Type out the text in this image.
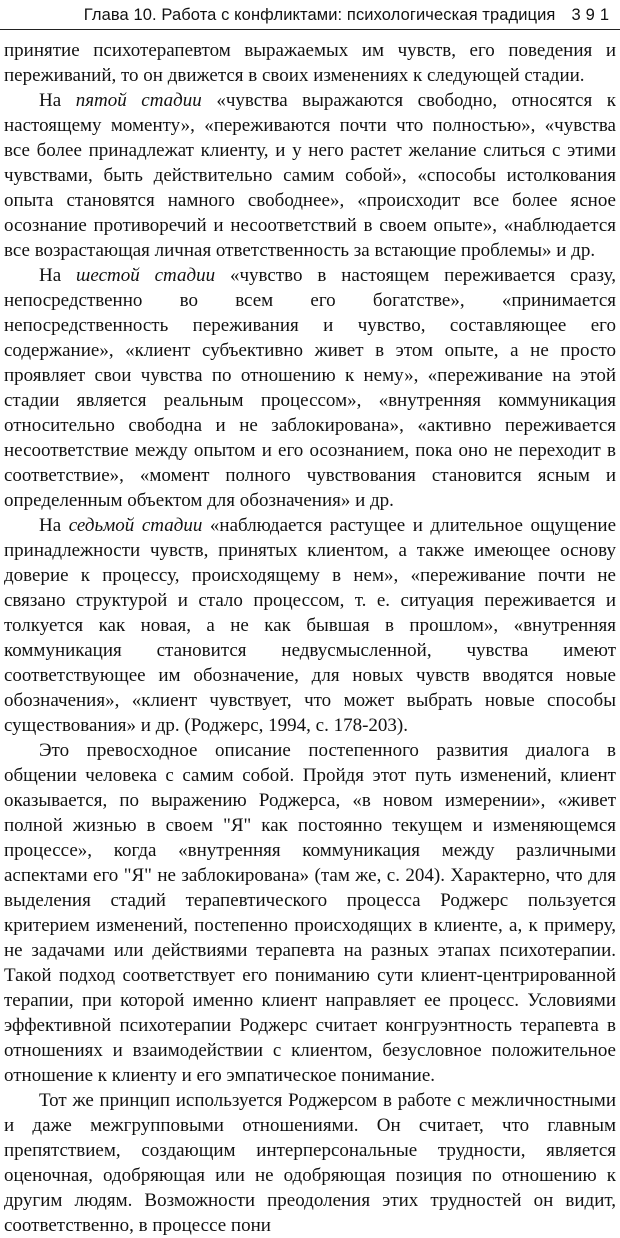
Глава 10. Работа с конфликтами: психологическая традиция 391

принятие психотерапевтом выражаемых им чувств, его поведения и переживаний, то он движется в своих изменениях к следующей стадии.

На пятой стадии «чувства выражаются свободно, относятся к настоящему моменту», «переживаются почти что полностью», «чувства все более принадлежат клиенту, и у него растет желание слиться с этими чувствами, быть действительно самим собой», «способы истолкования опыта становятся намного свободнее», «происходит все более ясное осознание противоречий и несоответствий в своем опыте», «наблюдается все возрастающая личная ответственность за встающие проблемы» и др.

На шестой стадии «чувство в настоящем переживается сразу, непосредственно во всем его богатстве», «принимается непосредственность переживания и чувство, составляющее его содержание», «клиент субъективно живет в этом опыте, а не просто проявляет свои чувства по отношению к нему», «переживание на этой стадии является реальным процессом», «внутренняя коммуникация относительно свободна и не заблокирована», «активно переживается несоответствие между опытом и его осознанием, пока оно не переходит в соответствие», «момент полного чувствования становится ясным и определенным объектом для обозначения» и др.

На седьмой стадии «наблюдается растущее и длительное ощущение принадлежности чувств, принятых клиентом, а также имеющее основу доверие к процессу, происходящему в нем», «переживание почти не связано структурой и стало процессом, т. е. ситуация переживается и толкуется как новая, а не как бывшая в прошлом», «внутренняя коммуникация становится недвусмысленной, чувства имеют соответствующее им обозначение, для новых чувств вводятся новые обозначения», «клиент чувствует, что может выбрать новые способы существования» и др. (Роджерс, 1994, с. 178-203).

Это превосходное описание постепенного развития диалога в общении человека с самим собой. Пройдя этот путь изменений, клиент оказывается, по выражению Роджерса, «в новом измерении», «живет полной жизнью в своем "Я" как постоянно текущем и изменяющемся процессе», когда «внутренняя коммуникация между различными аспектами его "Я" не заблокирована» (там же, с. 204). Характерно, что для выделения стадий терапевтического процесса Роджерс пользуется критерием изменений, постепенно происходящих в клиенте, а, к примеру, не задачами или действиями терапевта на разных этапах психотерапии. Такой подход соответствует его пониманию сути клиент-центрированной терапии, при которой именно клиент направляет ее процесс. Условиями эффективной психотерапии Роджерс считает конгруэнтность терапевта в отношениях и взаимодействии с клиентом, безусловное положительное отношение к клиенту и его эмпатическое понимание.

Тот же принцип используется Роджерсом в работе с межличностными и даже межгрупповыми отношениями. Он считает, что главным препятствием, создающим интерперсональные трудности, является оценочная, одобряющая или не одобряющая позиция по отношению к другим людям. Возможности преодоления этих трудностей он видит, соответственно, в процессе пони
